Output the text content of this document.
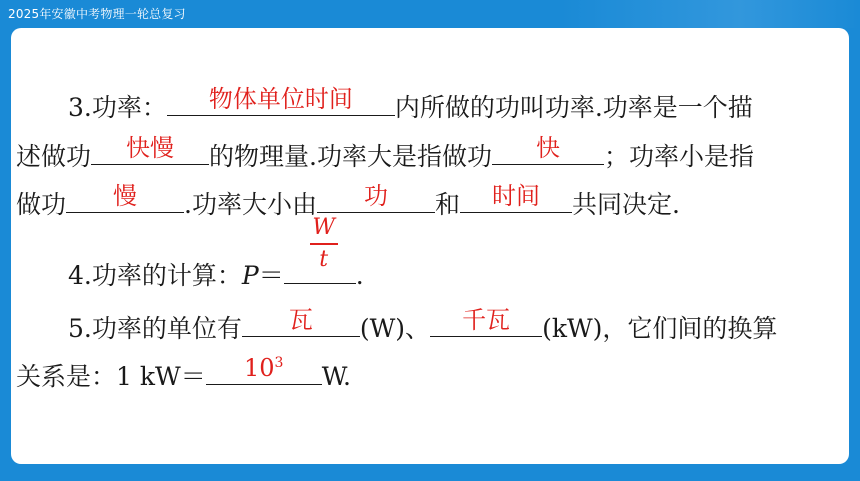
2025年安徽中考物理一轮总复习
3.功率：	物体单位时间	内所做的功叫功率.功率是一个描
述做功	快慢	的物理量.功率大是指做功	快	；功率小是指
做功	慢	.功率大小由	功	和	时间	共同决定.
4.功率的计算：P＝
W
t
.
5.功率的单位有	瓦	(W)、	千瓦	(kW)，它们间的换算
关系是：1 kW＝	$10^3$	W.
